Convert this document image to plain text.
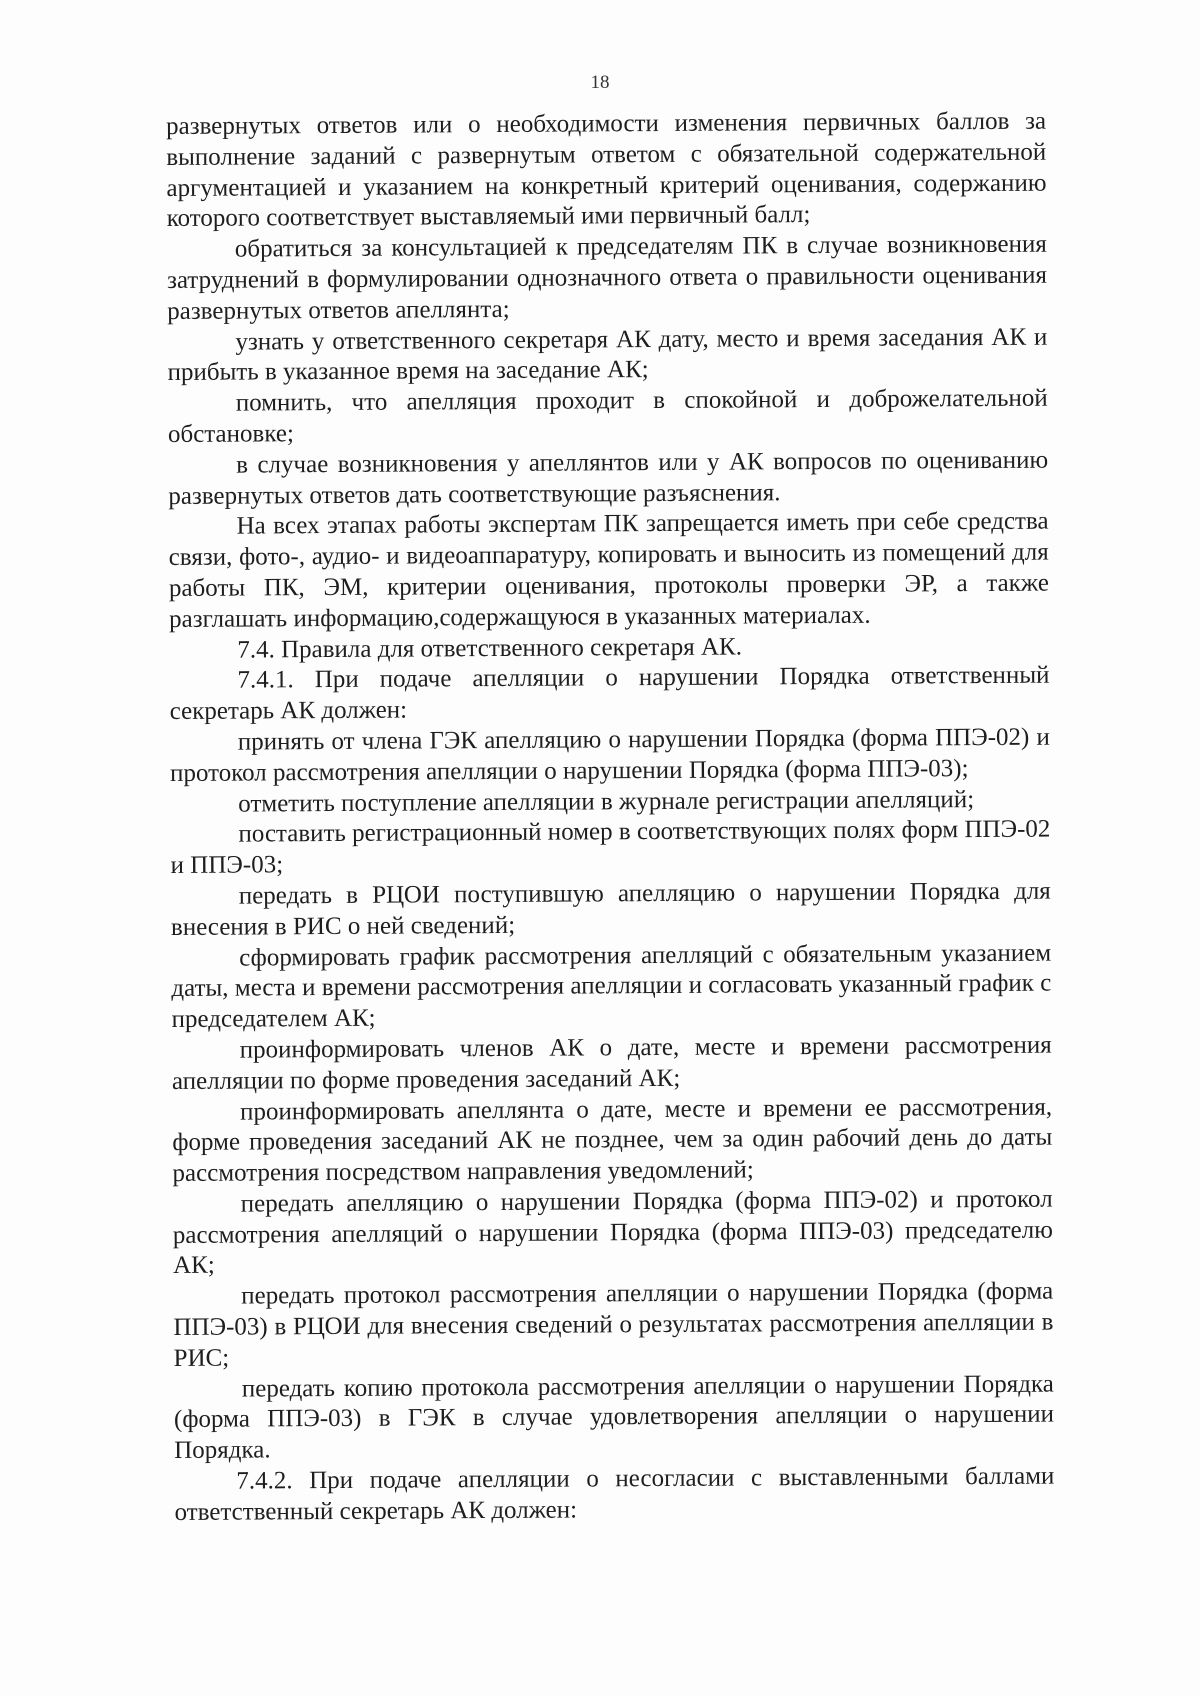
18

развернутых ответов или о необходимости изменения первичных баллов за выполнение заданий с развернутым ответом с обязательной содержательной аргументацией и указанием на конкретный критерий оценивания, содержанию которого соответствует выставляемый ими первичный балл;

обратиться за консультацией к председателям ПК в случае возникновения затруднений в формулировании однозначного ответа о правильности оценивания развернутых ответов апеллянта;

узнать у ответственного секретаря АК дату, место и время заседания АК и прибыть в указанное время на заседание АК;

помнить, что апелляция проходит в спокойной и доброжелательной обстановке;

в случае возникновения у апеллянтов или у АК вопросов по оцениванию развернутых ответов дать соответствующие разъяснения.

На всех этапах работы экспертам ПК запрещается иметь при себе средства связи, фото-, аудио- и видеоаппаратуру, копировать и выносить из помещений для работы ПК, ЭМ, критерии оценивания, протоколы проверки ЭР, а также разглашать информацию,содержащуюся в указанных материалах.

7.4. Правила для ответственного секретаря АК.

7.4.1. При подаче апелляции о нарушении Порядка ответственный секретарь АК должен:

принять от члена ГЭК апелляцию о нарушении Порядка (форма ППЭ-02) и протокол рассмотрения апелляции о нарушении Порядка (форма ППЭ-03);

отметить поступление апелляции в журнале регистрации апелляций;

поставить регистрационный номер в соответствующих полях форм ППЭ-02 и ППЭ-03;

передать в РЦОИ поступившую апелляцию о нарушении Порядка для внесения в РИС о ней сведений;

сформировать график рассмотрения апелляций с обязательным указанием даты, места и времени рассмотрения апелляции и согласовать указанный график с председателем АК;

проинформировать членов АК о дате, месте и времени рассмотрения апелляции по форме проведения заседаний АК;

проинформировать апеллянта о дате, месте и времени ее рассмотрения, форме проведения заседаний АК не позднее, чем за один рабочий день до даты рассмотрения посредством направления уведомлений;

передать апелляцию о нарушении Порядка (форма ППЭ-02) и протокол рассмотрения апелляций о нарушении Порядка (форма ППЭ-03) председателю АК;

передать протокол рассмотрения апелляции о нарушении Порядка (форма ППЭ-03) в РЦОИ для внесения сведений о результатах рассмотрения апелляции в РИС;

передать копию протокола рассмотрения апелляции о нарушении Порядка (форма ППЭ-03) в ГЭК в случае удовлетворения апелляции о нарушении Порядка.

7.4.2. При подаче апелляции о несогласии с выставленными баллами ответственный секретарь АК должен:
